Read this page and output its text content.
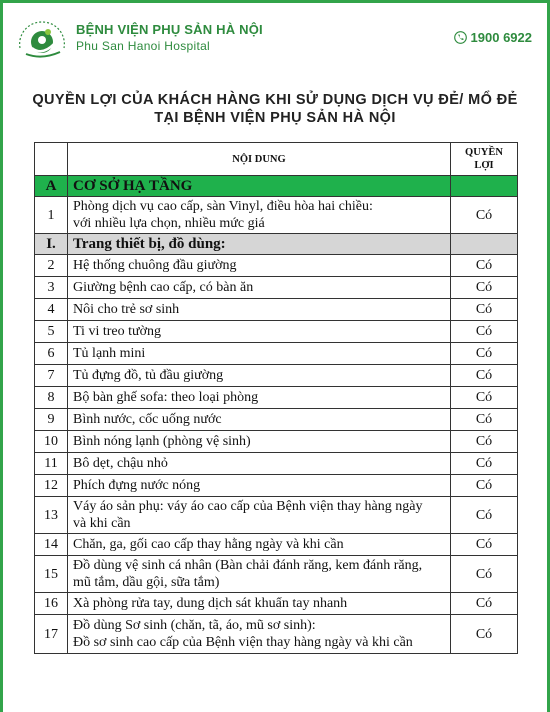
BỆNH VIỆN PHỤ SẢN HÀ NỘI
Phu San Hanoi Hospital
1900 6922
QUYỀN LỢI CỦA KHÁCH HÀNG KHI SỬ DỤNG DỊCH VỤ ĐẺ/ MỔ ĐẺ
TẠI BỆNH VIỆN PHỤ SẢN HÀ NỘI
	NỘI DUNG	QUYỀN
LỢI

A	CƠ SỞ HẠ TẦNG	
1	Phòng dịch vụ cao cấp, sàn Vinyl, điều hòa hai chiều:
với nhiều lựa chọn, nhiều mức giá	Có
I.	Trang thiết bị, đồ dùng:	
2	Hệ thống chuông đầu giường	Có
3	Giường bệnh cao cấp, có bàn ăn	Có
4	Nôi cho trẻ sơ sinh	Có
5	Ti vi treo tường	Có
6	Tủ lạnh mini	Có
7	Tủ đựng đồ, tủ đầu giường	Có
8	Bộ bàn ghế sofa: theo loại phòng	Có
9	Bình nước, cốc uống nước	Có
10	Bình nóng lạnh (phòng vệ sinh)	Có
11	Bô dẹt, chậu nhỏ	Có
12	Phích đựng nước nóng	Có
13	Váy áo sản phụ: váy áo cao cấp của Bệnh viện thay hàng ngày
và khi cần	Có
14	Chăn, ga, gối cao cấp thay hằng ngày và khi cần	Có
15	Đồ dùng vệ sinh cá nhân (Bàn chải đánh răng, kem đánh răng,
mũ tắm, dầu gội, sữa tắm)	Có
16	Xà phòng rửa tay, dung dịch sát khuẩn tay nhanh	Có
17	Đồ dùng Sơ sinh (chăn, tã, áo, mũ sơ sinh):
Đồ sơ sinh cao cấp của Bệnh viện thay hàng ngày và khi cần	Có
